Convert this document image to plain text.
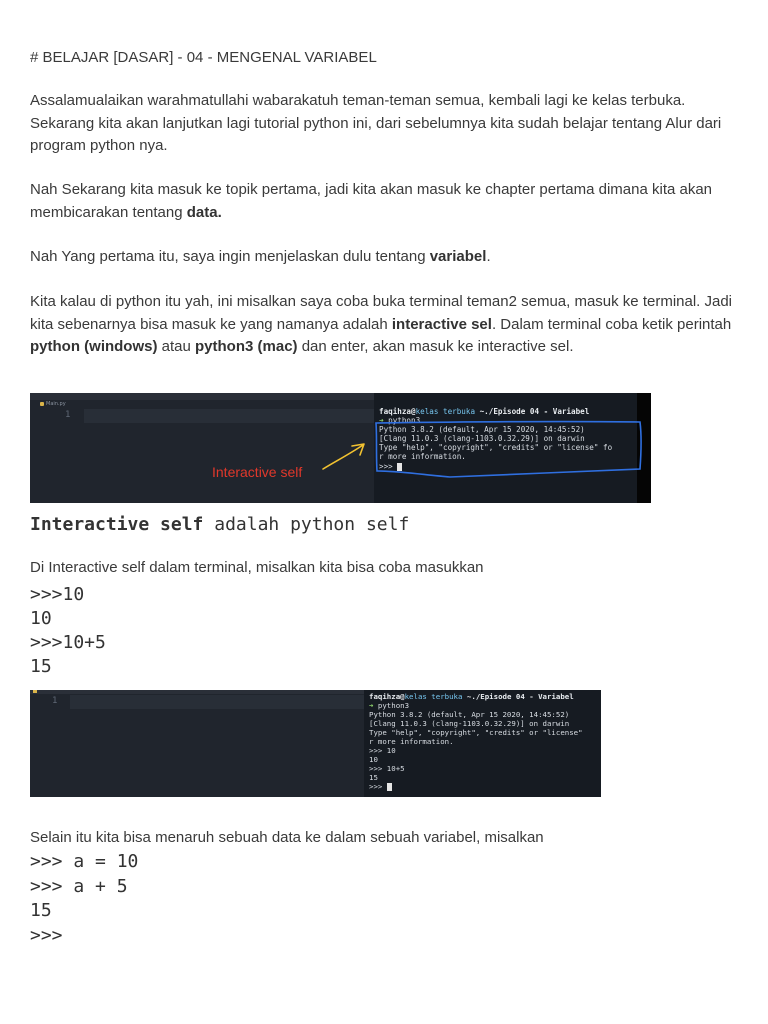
# BELAJAR [DASAR] - 04 - MENGENAL VARIABEL

Assalamualaikan warahmatullahi wabarakatuh teman-teman semua, kembali lagi ke kelas terbuka. Sekarang kita akan lanjutkan lagi tutorial python ini, dari sebelumnya kita sudah belajar tentang Alur dari program python nya.

Nah Sekarang kita masuk ke topik pertama, jadi kita akan masuk ke chapter pertama dimana kita akan membicarakan tentang data.

Nah Yang pertama itu, saya ingin menjelaskan dulu tentang variabel.

Kita kalau di python itu yah, ini misalkan saya coba buka terminal teman2 semua, masuk ke terminal. Jadi kita sebenarnya bisa masuk ke yang namanya adalah interactive sel. Dalam terminal coba ketik perintah python (windows) atau python3 (mac) dan enter, akan masuk ke interactive sel.

Main.py
1	faqihza@kelas terbuka ~./Episode 04 - Variabel
➜ python3
Python 3.8.2 (default, Apr 15 2020, 14:45:52)
[Clang 11.0.3 (clang-1103.0.32.29)] on darwin
Type "help", "copyright", "credits" or "license" fo
r more information.
>>>
Interactive self
Interactive self adalah python self

Di Interactive self dalam terminal, misalkan kita bisa coba masukkan

>>>10
10
>>>10+5
15
1	faqihza@kelas terbuka ~./Episode 04 - Variabel
➜ python3
Python 3.8.2 (default, Apr 15 2020, 14:45:52)
[Clang 11.0.3 (clang-1103.0.32.29)] on darwin
Type "help", "copyright", "credits" or "license"
r more information.
>>> 10
10
>>> 10+5
15
>>>

Selain itu kita bisa menaruh sebuah data ke dalam sebuah variabel, misalkan

>>> a = 10
>>> a + 5
15
>>>
